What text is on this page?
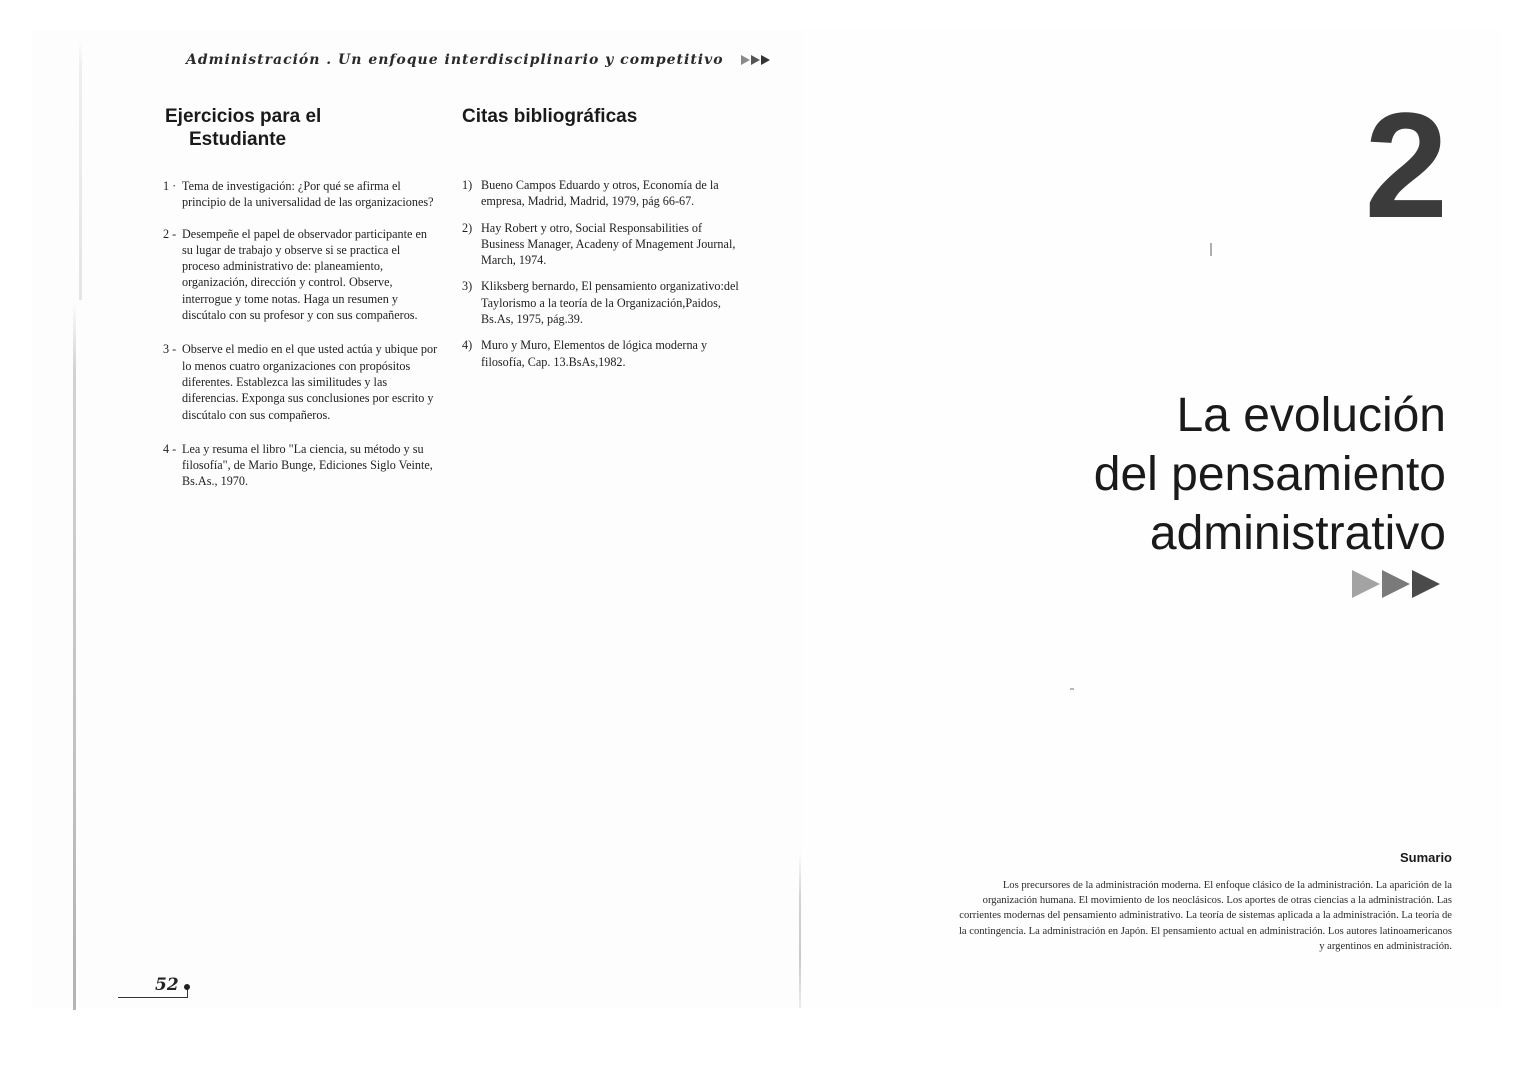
Administración . Un enfoque interdisciplinario y competitivo
Ejercicios para el
Estudiante
Citas bibliográficas
1 · Tema de investigación: ¿Por qué se afirma el principio de la universalidad de las organizaciones?
2 - Desempeñe el papel de observador participante en su lugar de trabajo y observe si se practica el proceso administrativo de: planeamiento, organización, dirección y control. Observe, interrogue y tome notas. Haga un resumen y discútalo con su profesor y con sus compañeros.
3 - Observe el medio en el que usted actúa y ubique por lo menos cuatro organizaciones con propósitos diferentes. Establezca las similitudes y las diferencias. Exponga sus conclusiones por escrito y discútalo con sus compañeros.
4 - Lea y resuma el libro "La ciencia, su método y su filosofía", de Mario Bunge, Ediciones Siglo Veinte, Bs.As., 1970.
1) Bueno Campos Eduardo y otros, Economía de la empresa, Madrid, Madrid, 1979, pág 66-67.
2) Hay Robert y otro, Social Responsabilities of Business Manager, Acadeny of Mnagement Journal, March, 1974.
3) Kliksberg bernardo, El pensamiento organizativo:del Taylorismo a la teoría de la Organización,Paidos, Bs.As, 1975, pág.39.
4) Muro y Muro, Elementos de lógica moderna y filosofía, Cap. 13.BsAs,1982.
52
2
La evolución
del pensamiento
administrativo
Sumario
Los precursores de la administración moderna. El enfoque clásico de la administración. La aparición de la organización humana. El movimiento de los neoclásicos. Los aportes de otras ciencias a la administración. Las corrientes modernas del pensamiento administrativo. La teoría de sistemas aplicada a la administración. La teoría de la contingencia. La administración en Japón. El pensamiento actual en administración. Los autores latinoamericanos y argentinos en administración.
